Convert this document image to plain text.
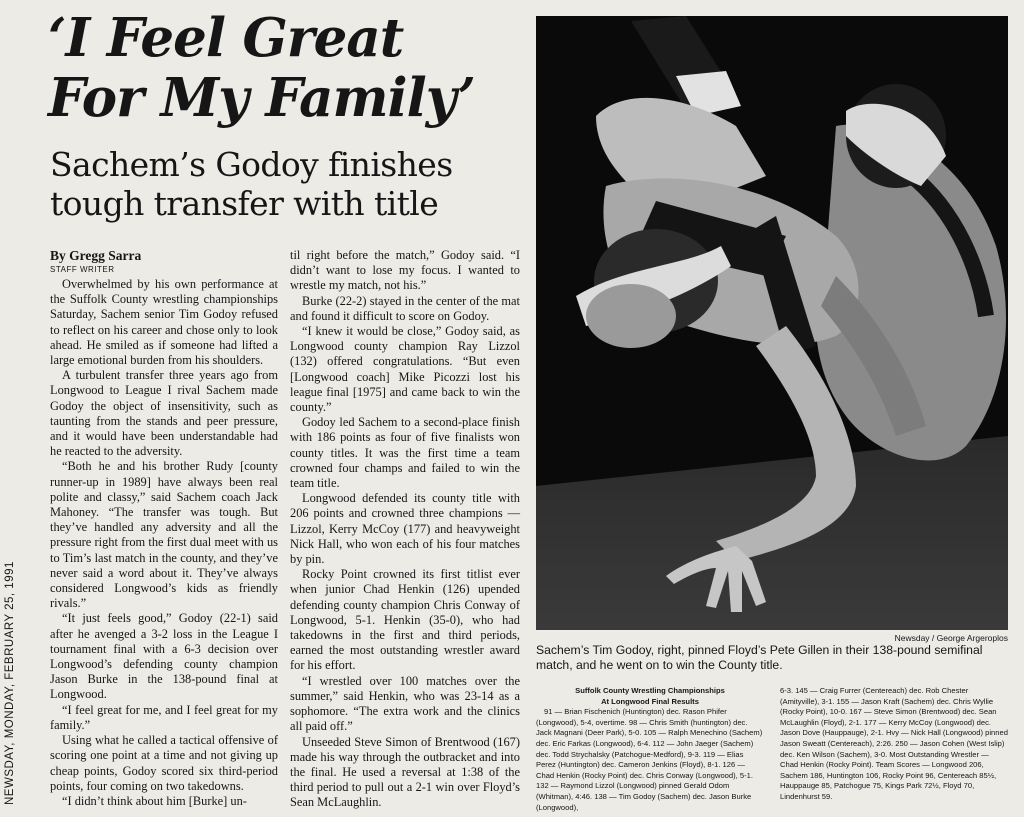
NEWSDAY, MONDAY, FEBRUARY 25, 1991
‘I Feel Great
For My Family’
Sachem’s Godoy finishes
tough transfer with title
By Gregg Sarra
STAFF WRITER

Overwhelmed by his own performance at the Suffolk County wrestling championships Saturday, Sachem senior Tim Godoy refused to reflect on his career and chose only to look ahead. He smiled as if someone had lifted a large emotional burden from his shoulders.

A turbulent transfer three years ago from Longwood to League I rival Sachem made Godoy the object of insensitivity, such as taunting from the stands and peer pressure, and it would have been understandable had he reacted to the adversity.

“Both he and his brother Rudy [county runner-up in 1989] have always been real polite and classy,” said Sachem coach Jack Mahoney. “The transfer was tough. But they’ve handled any adversity and all the pressure right from the first dual meet with us to Tim’s last match in the county, and they’ve never said a word about it. They’ve always considered Longwood’s kids as friendly rivals.”

“It just feels good,” Godoy (22-1) said after he avenged a 3-2 loss in the League I tournament final with a 6-3 decision over Longwood’s defending county champion Jason Burke in the 138-pound final at Longwood.

“I feel great for me, and I feel great for my family.”

Using what he called a tactical offensive of scoring one point at a time and not giving up cheap points, Godoy scored six third-period points, four coming on two takedowns.

“I didn’t think about him [Burke] un-

til right before the match,” Godoy said. “I didn’t want to lose my focus. I wanted to wrestle my match, not his.”

Burke (22-2) stayed in the center of the mat and found it difficult to score on Godoy.

“I knew it would be close,” Godoy said, as Longwood county champion Ray Lizzol (132) offered congratulations. “But even [Longwood coach] Mike Picozzi lost his league final [1975] and came back to win the county.”

Godoy led Sachem to a second-place finish with 186 points as four of five finalists won county titles. It was the first time a team crowned four champs and failed to win the team title.

Longwood defended its county title with 206 points and crowned three champions — Lizzol, Kerry McCoy (177) and heavyweight Nick Hall, who won each of his four matches by pin.

Rocky Point crowned its first titlist ever when junior Chad Henkin (126) upended defending county champion Chris Conway of Longwood, 5-1. Henkin (35-0), who had takedowns in the first and third periods, earned the most outstanding wrestler award for his effort.

“I wrestled over 100 matches over the summer,” said Henkin, who was 23-14 as a sophomore. “The extra work and the clinics all paid off.”

Unseeded Steve Simon of Brentwood (167) made his way through the outbracket and into the final. He used a reversal at 1:38 of the third period to pull out a 2-1 win over Floyd’s Sean McLaughlin.

Newsday / George Argeroplos
Sachem’s Tim Godoy, right, pinned Floyd’s Pete Gillen in their 138-pound semifinal match, and he went on to win the County title.
Suffolk County Wrestling Championships
At Longwood Final Results

91 — Brian Fischenich (Huntington) dec. Rason Phifer (Longwood), 5-4, overtime. 98 — Chris Smith (huntington) dec. Jack Magnani (Deer Park), 5-0. 105 — Ralph Menechino (Sachem) dec. Eric Farkas (Longwood), 6-4. 112 — John Jaeger (Sachem) dec. Todd Strychalsky (Patchogue-Medford), 9-3. 119 — Elias Perez (Huntington) dec. Cameron Jenkins (Floyd), 8-1. 126 — Chad Henkin (Rocky Point) dec. Chris Conway (Longwood), 5-1. 132 — Raymond Lizzol (Longwood) pinned Gerald Odom (Whitman), 4:46. 138 — Tim Godoy (Sachem) dec. Jason Burke (Longwood),

6-3. 145 — Craig Furrer (Centereach) dec. Rob Chester (Amityville), 3-1. 155 — Jason Kraft (Sachem) dec. Chris Wyllie (Rocky Point), 10-0. 167 — Steve Simon (Brentwood) dec. Sean McLaughlin (Floyd), 2-1. 177 — Kerry McCoy (Longwood) dec. Jason Dove (Hauppauge), 2-1. Hvy — Nick Hall (Longwood) pinned Jason Sweatt (Centereach), 2:26. 250 — Jason Cohen (West Islip) dec. Ken Wilson (Sachem), 3-0. Most Outstanding Wrestler — Chad Henkin (Rocky Point). Team Scores — Longwood 206, Sachem 186, Huntington 106, Rocky Point 96, Centereach 85½, Hauppauge 85, Patchogue 75, Kings Park 72½, Floyd 70, Lindenhurst 59.
